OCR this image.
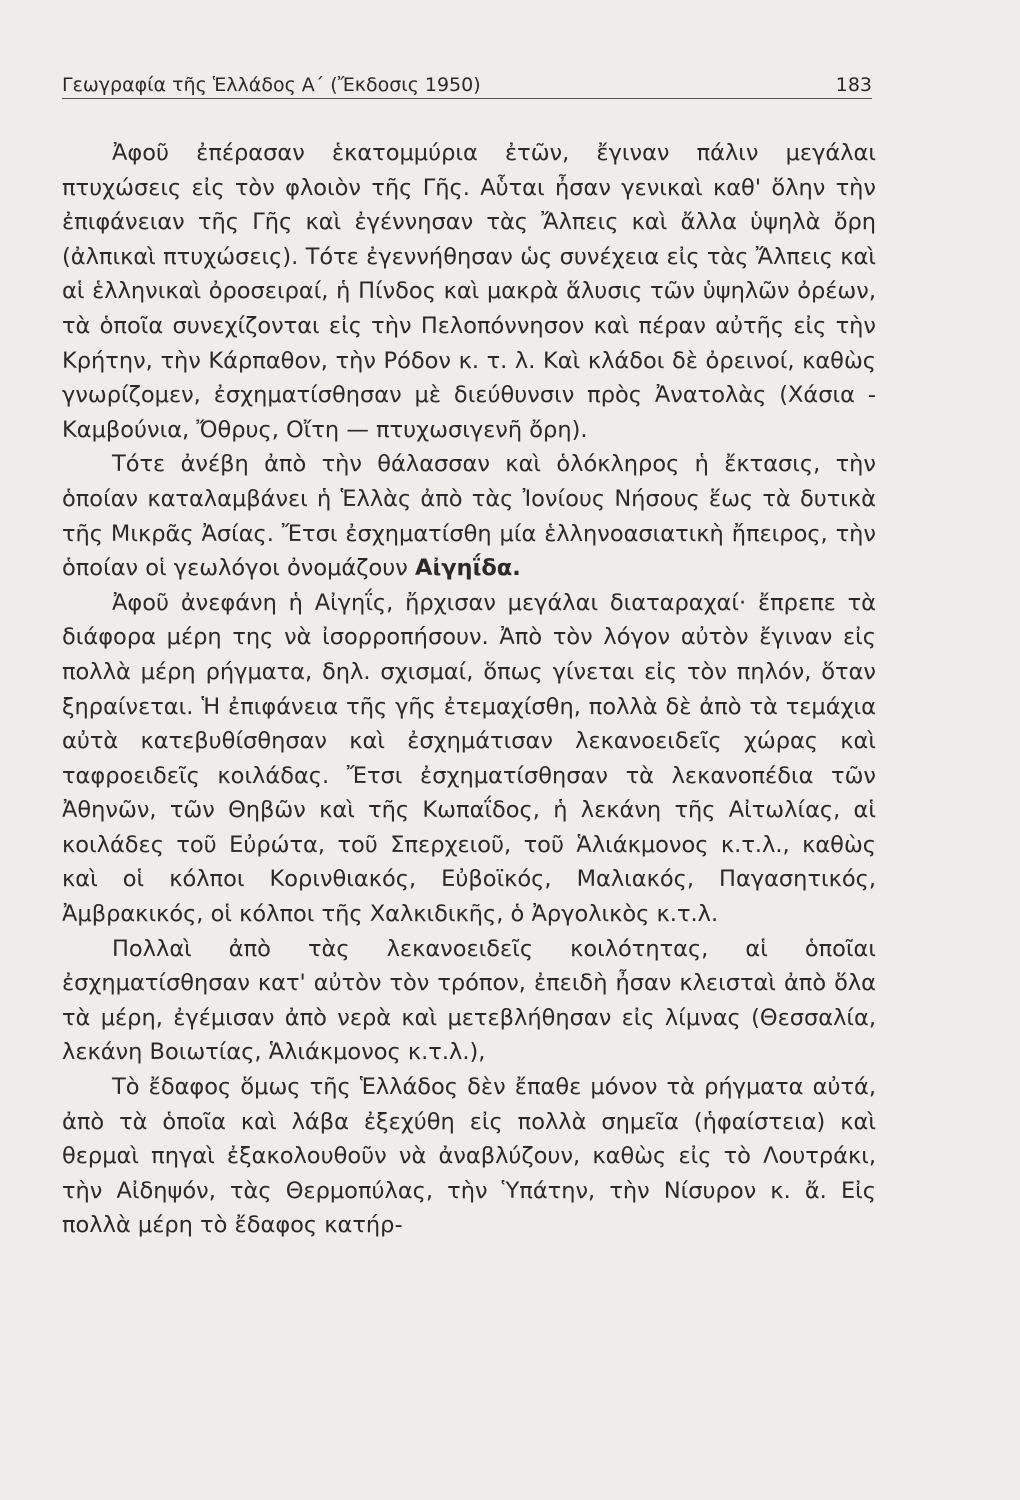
Γεωγραφία τῆς Ἑλλάδος Α΄ (Ἔκδοσις 1950)	183

Ἀφοῦ ἐπέρασαν ἑκατομμύρια ἐτῶν, ἔγιναν πάλιν μεγάλαι πτυχώσεις εἰς τὸν φλοιὸν τῆς Γῆς. Αὗται ἦσαν γενικαὶ καθ' ὅλην τὴν ἐπιφάνειαν τῆς Γῆς καὶ ἐγέννησαν τὰς Ἄλπεις καὶ ἄλλα ὑψηλὰ ὄρη (ἀλπικαὶ πτυχώσεις). Τότε ἐγεννήθησαν ὡς συνέχεια εἰς τὰς Ἄλπεις καὶ αἱ ἑλληνικαὶ ὀροσειραί, ἡ Πίνδος καὶ μακρὰ ἅλυσις τῶν ὑψηλῶν ὀρέων, τὰ ὁποῖα συνεχίζονται εἰς τὴν Πελοπόννησον καὶ πέραν αὐτῆς εἰς τὴν Κρήτην, τὴν Κάρπαθον, τὴν Ρόδον κ. τ. λ. Καὶ κλάδοι δὲ ὀρεινοί, καθὼς γνωρίζομεν, ἐσχηματίσθησαν μὲ διεύθυνσιν πρὸς Ἀνατολὰς (Χάσια - Καμβούνια, Ὄθρυς, Οἴτη — πτυχωσιγενῆ ὄρη).

Τότε ἀνέβη ἀπὸ τὴν θάλασσαν καὶ ὁλόκληρος ἡ ἔκτασις, τὴν ὁποίαν καταλαμβάνει ἡ Ἑλλὰς ἀπὸ τὰς Ἰονίους Νήσους ἕως τὰ δυτικὰ τῆς Μικρᾶς Ἀσίας. Ἔτσι ἐσχηματίσθη μία ἑλληνοασιατικὴ ἤπειρος, τὴν ὁποίαν οἱ γεωλόγοι ὀνομάζουν Αἰγηΐδα.

Ἀφοῦ ἀνεφάνη ἡ Αἰγηΐς, ἤρχισαν μεγάλαι διαταραχαί· ἔπρεπε τὰ διάφορα μέρη της νὰ ἰσορροπήσουν. Ἀπὸ τὸν λόγον αὐτὸν ἔγιναν εἰς πολλὰ μέρη ρήγματα, δηλ. σχισμαί, ὅπως γίνεται εἰς τὸν πηλόν, ὅταν ξηραίνεται. Ἡ ἐπιφάνεια τῆς γῆς ἐτεμαχίσθη, πολλὰ δὲ ἀπὸ τὰ τεμάχια αὐτὰ κατεβυθίσθησαν καὶ ἐσχημάτισαν λεκανοειδεῖς χώρας καὶ ταφροειδεῖς κοιλάδας. Ἔτσι ἐσχηματίσθησαν τὰ λεκανοπέδια τῶν Ἀθηνῶν, τῶν Θηβῶν καὶ τῆς Κωπαΐδος, ἡ λεκάνη τῆς Αἰτωλίας, αἱ κοιλάδες τοῦ Εὐρώτα, τοῦ Σπερχειοῦ, τοῦ Ἁλιάκμονος κ.τ.λ., καθὼς καὶ οἱ κόλποι Κορινθιακός, Εὐβοϊκός, Μαλιακός, Παγασητικός, Ἀμβρακικός, οἱ κόλποι τῆς Χαλκιδικῆς, ὁ Ἀργολικὸς κ.τ.λ.

Πολλαὶ ἀπὸ τὰς λεκανοειδεῖς κοιλότητας, αἱ ὁποῖαι ἐσχηματίσθησαν κατ' αὐτὸν τὸν τρόπον, ἐπειδὴ ἦσαν κλεισταὶ ἀπὸ ὅλα τὰ μέρη, ἐγέμισαν ἀπὸ νερὰ καὶ μετεβλήθησαν εἰς λίμνας (Θεσσαλία, λεκάνη Βοιωτίας, Ἁλιάκμονος κ.τ.λ.),

Τὸ ἔδαφος ὅμως τῆς Ἑλλάδος δὲν ἔπαθε μόνον τὰ ρήγματα αὐτά, ἀπὸ τὰ ὁποῖα καὶ λάβα ἐξεχύθη εἰς πολλὰ σημεῖα (ἡφαίστεια) καὶ θερμαὶ πηγαὶ ἐξακολουθοῦν νὰ ἀναβλύζουν, καθὼς εἰς τὸ Λουτράκι, τὴν Αἰδηψόν, τὰς Θερμοπύλας, τὴν Ὑπάτην, τὴν Νίσυρον κ. ἄ. Εἰς πολλὰ μέρη τὸ ἔδαφος κατήρ-
